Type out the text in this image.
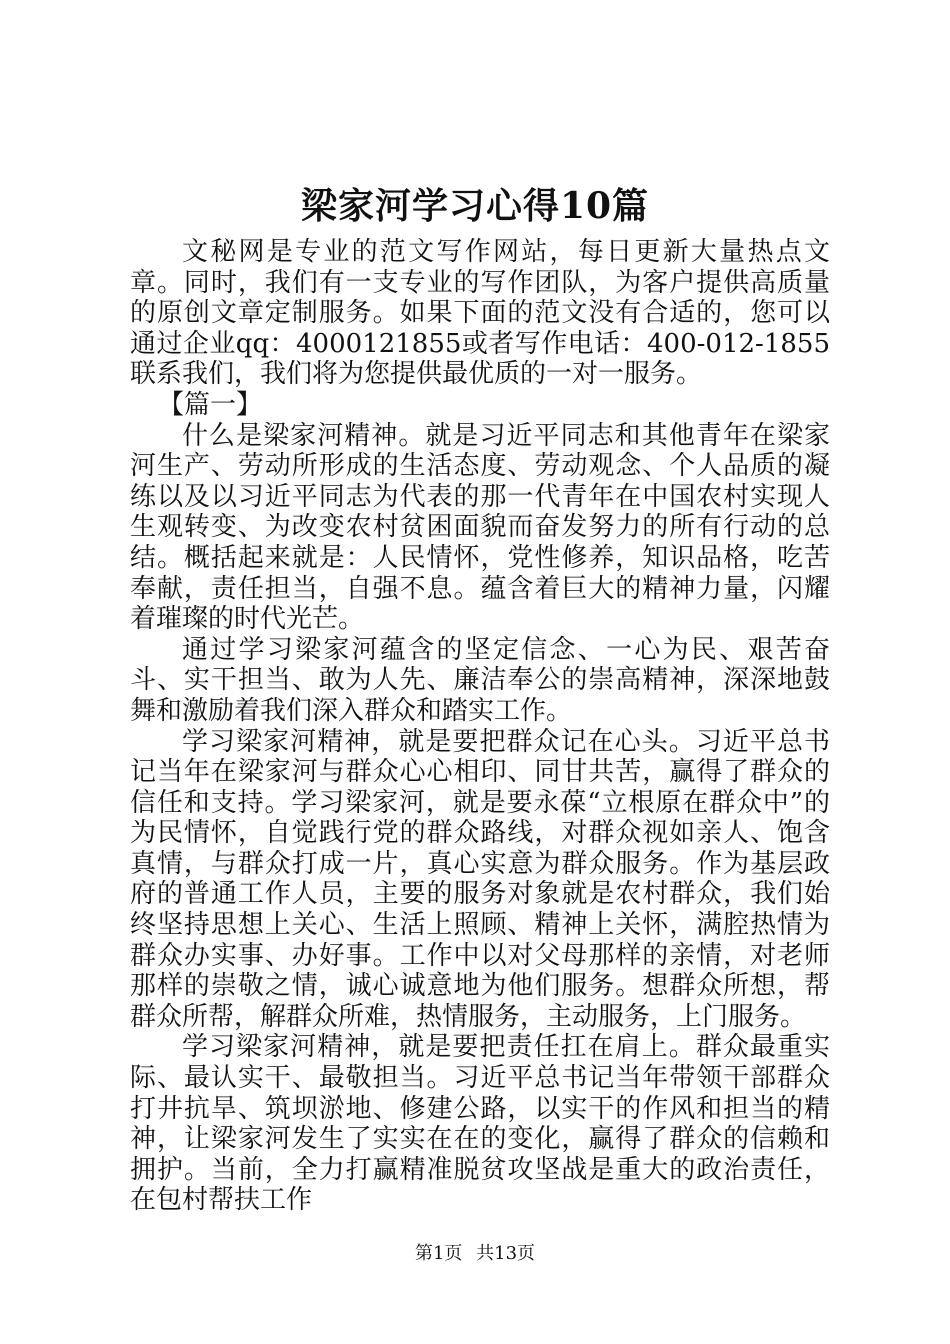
梁家河学习心得10篇

文秘网是专业的范文写作网站，每日更新大量热点文章。同时，我们有一支专业的写作团队，为客户提供高质量的原创文章定制服务。如果下面的范文没有合适的，您可以通过企业qq：4000121855或者写作电话：400-012-1855联系我们，我们将为您提供最优质的一对一服务。

【篇一】

什么是梁家河精神。就是习近平同志和其他青年在梁家河生产、劳动所形成的生活态度、劳动观念、个人品质的凝练以及以习近平同志为代表的那一代青年在中国农村实现人生观转变、为改变农村贫困面貌而奋发努力的所有行动的总结。概括起来就是：人民情怀，党性修养，知识品格，吃苦奉献，责任担当，自强不息。蕴含着巨大的精神力量，闪耀着璀璨的时代光芒。

通过学习梁家河蕴含的坚定信念、一心为民、艰苦奋斗、实干担当、敢为人先、廉洁奉公的崇高精神，深深地鼓舞和激励着我们深入群众和踏实工作。

学习梁家河精神，就是要把群众记在心头。习近平总书记当年在梁家河与群众心心相印、同甘共苦，赢得了群众的信任和支持。学习梁家河，就是要永葆“立根原在群众中”的为民情怀，自觉践行党的群众路线，对群众视如亲人、饱含真情，与群众打成一片，真心实意为群众服务。作为基层政府的普通工作人员，主要的服务对象就是农村群众，我们始终坚持思想上关心、生活上照顾、精神上关怀，满腔热情为群众办实事、办好事。工作中以对父母那样的亲情，对老师那样的崇敬之情，诚心诚意地为他们服务。想群众所想，帮群众所帮，解群众所难，热情服务，主动服务，上门服务。

学习梁家河精神，就是要把责任扛在肩上。群众最重实际、最认实干、最敬担当。习近平总书记当年带领干部群众打井抗旱、筑坝淤地、修建公路，以实干的作风和担当的精神，让梁家河发生了实实在在的变化，赢得了群众的信赖和拥护。当前，全力打赢精准脱贫攻坚战是重大的政治责任，在包村帮扶工作

第1页 共13页
